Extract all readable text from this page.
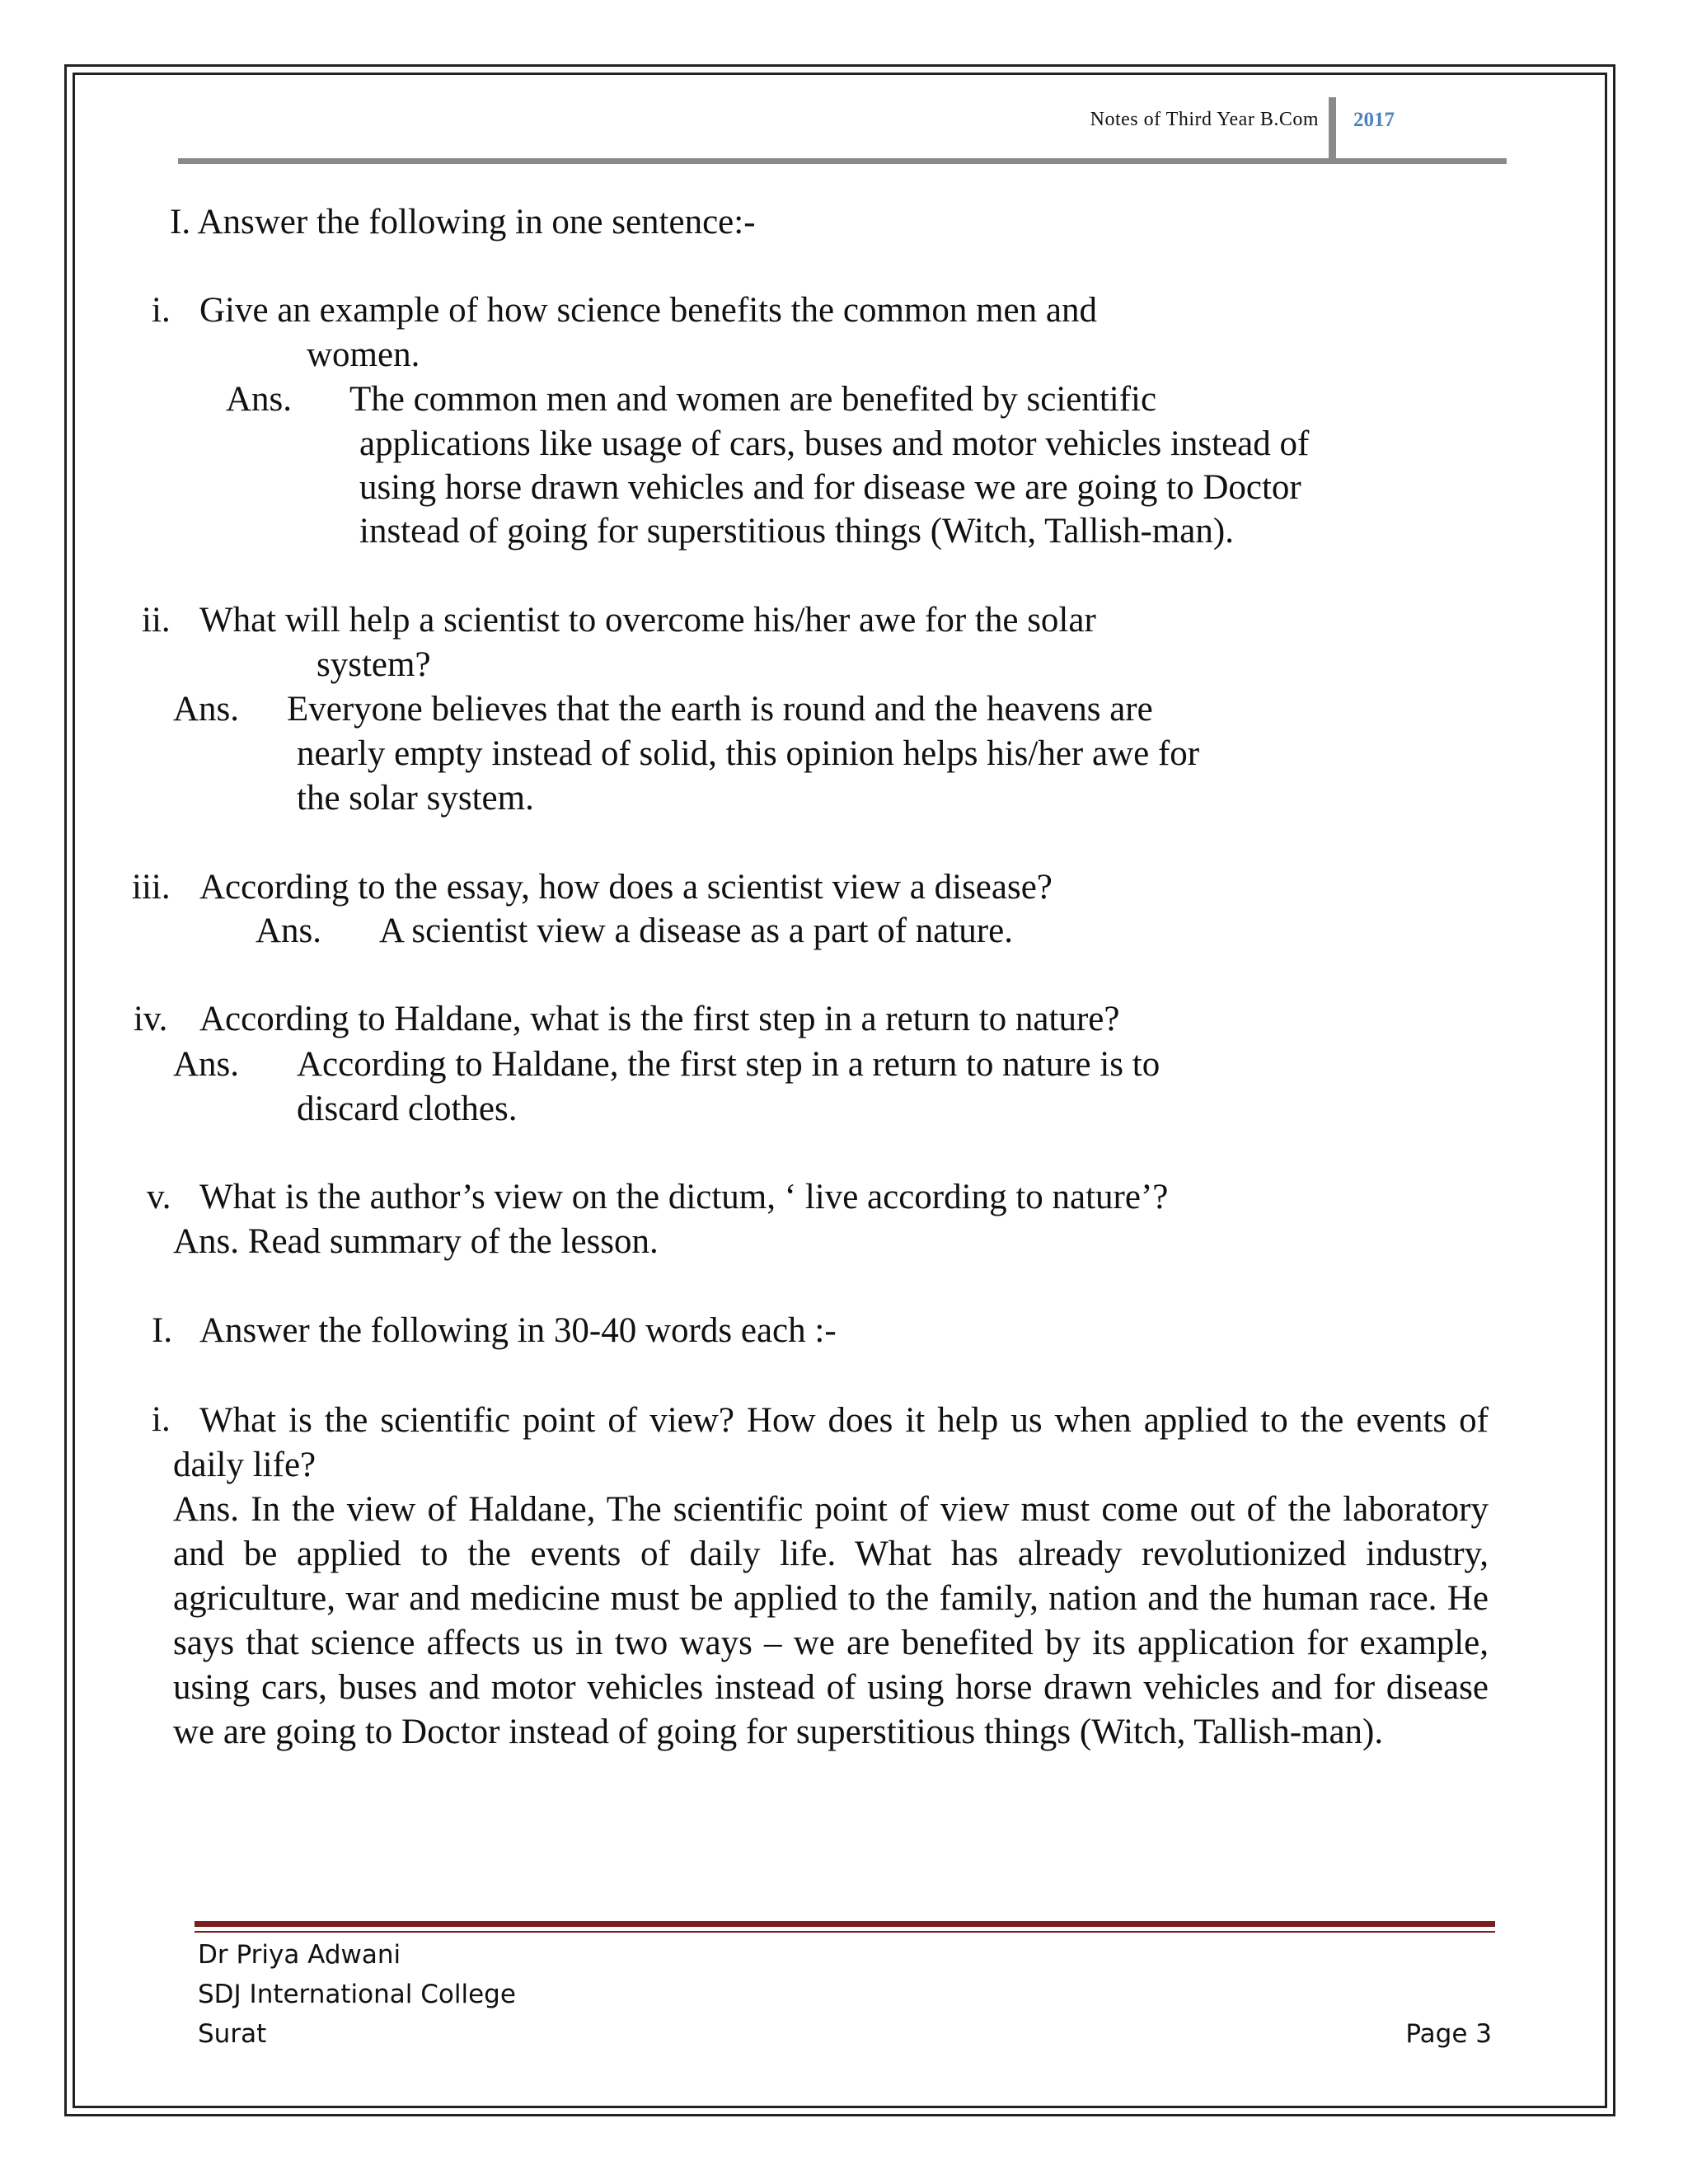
Notes of Third Year B.Com 2017
I. Answer the following in one sentence:-
i. Give an example of how science benefits the common men and
women.
Ans. The common men and women are benefited by scientific
applications like usage of cars, buses and motor vehicles instead of
using horse drawn vehicles and for disease we are going to Doctor
instead of going for superstitious things (Witch, Tallish-man).
ii. What will help a scientist to overcome his/her awe for the solar
system?
Ans. Everyone believes that the earth is round and the heavens are
nearly empty instead of solid, this opinion helps his/her awe for
the solar system.
iii. According to the essay, how does a scientist view a disease?
Ans. A scientist view a disease as a part of nature.
iv. According to Haldane, what is the first step in a return to nature?
Ans. According to Haldane, the first step in a return to nature is to
discard clothes.
v. What is the author’s view on the dictum, ‘ live according to nature’?
Ans. Read summary of the lesson.
I. Answer the following in 30-40 words each :-
i. What is the scientific point of view? How does it help us when applied to the events of daily life?
Ans. In the view of Haldane, The scientific point of view must come out of the laboratory and be applied to the events of daily life. What has already revolutionized industry, agriculture, war and medicine must be applied to the family, nation and the human race. He says that science affects us in two ways – we are benefited by its application for example, using cars, buses and motor vehicles instead of using horse drawn vehicles and for disease we are going to Doctor instead of going for superstitious things (Witch, Tallish-man).
Dr Priya Adwani
SDJ International College
Surat	Page 3
